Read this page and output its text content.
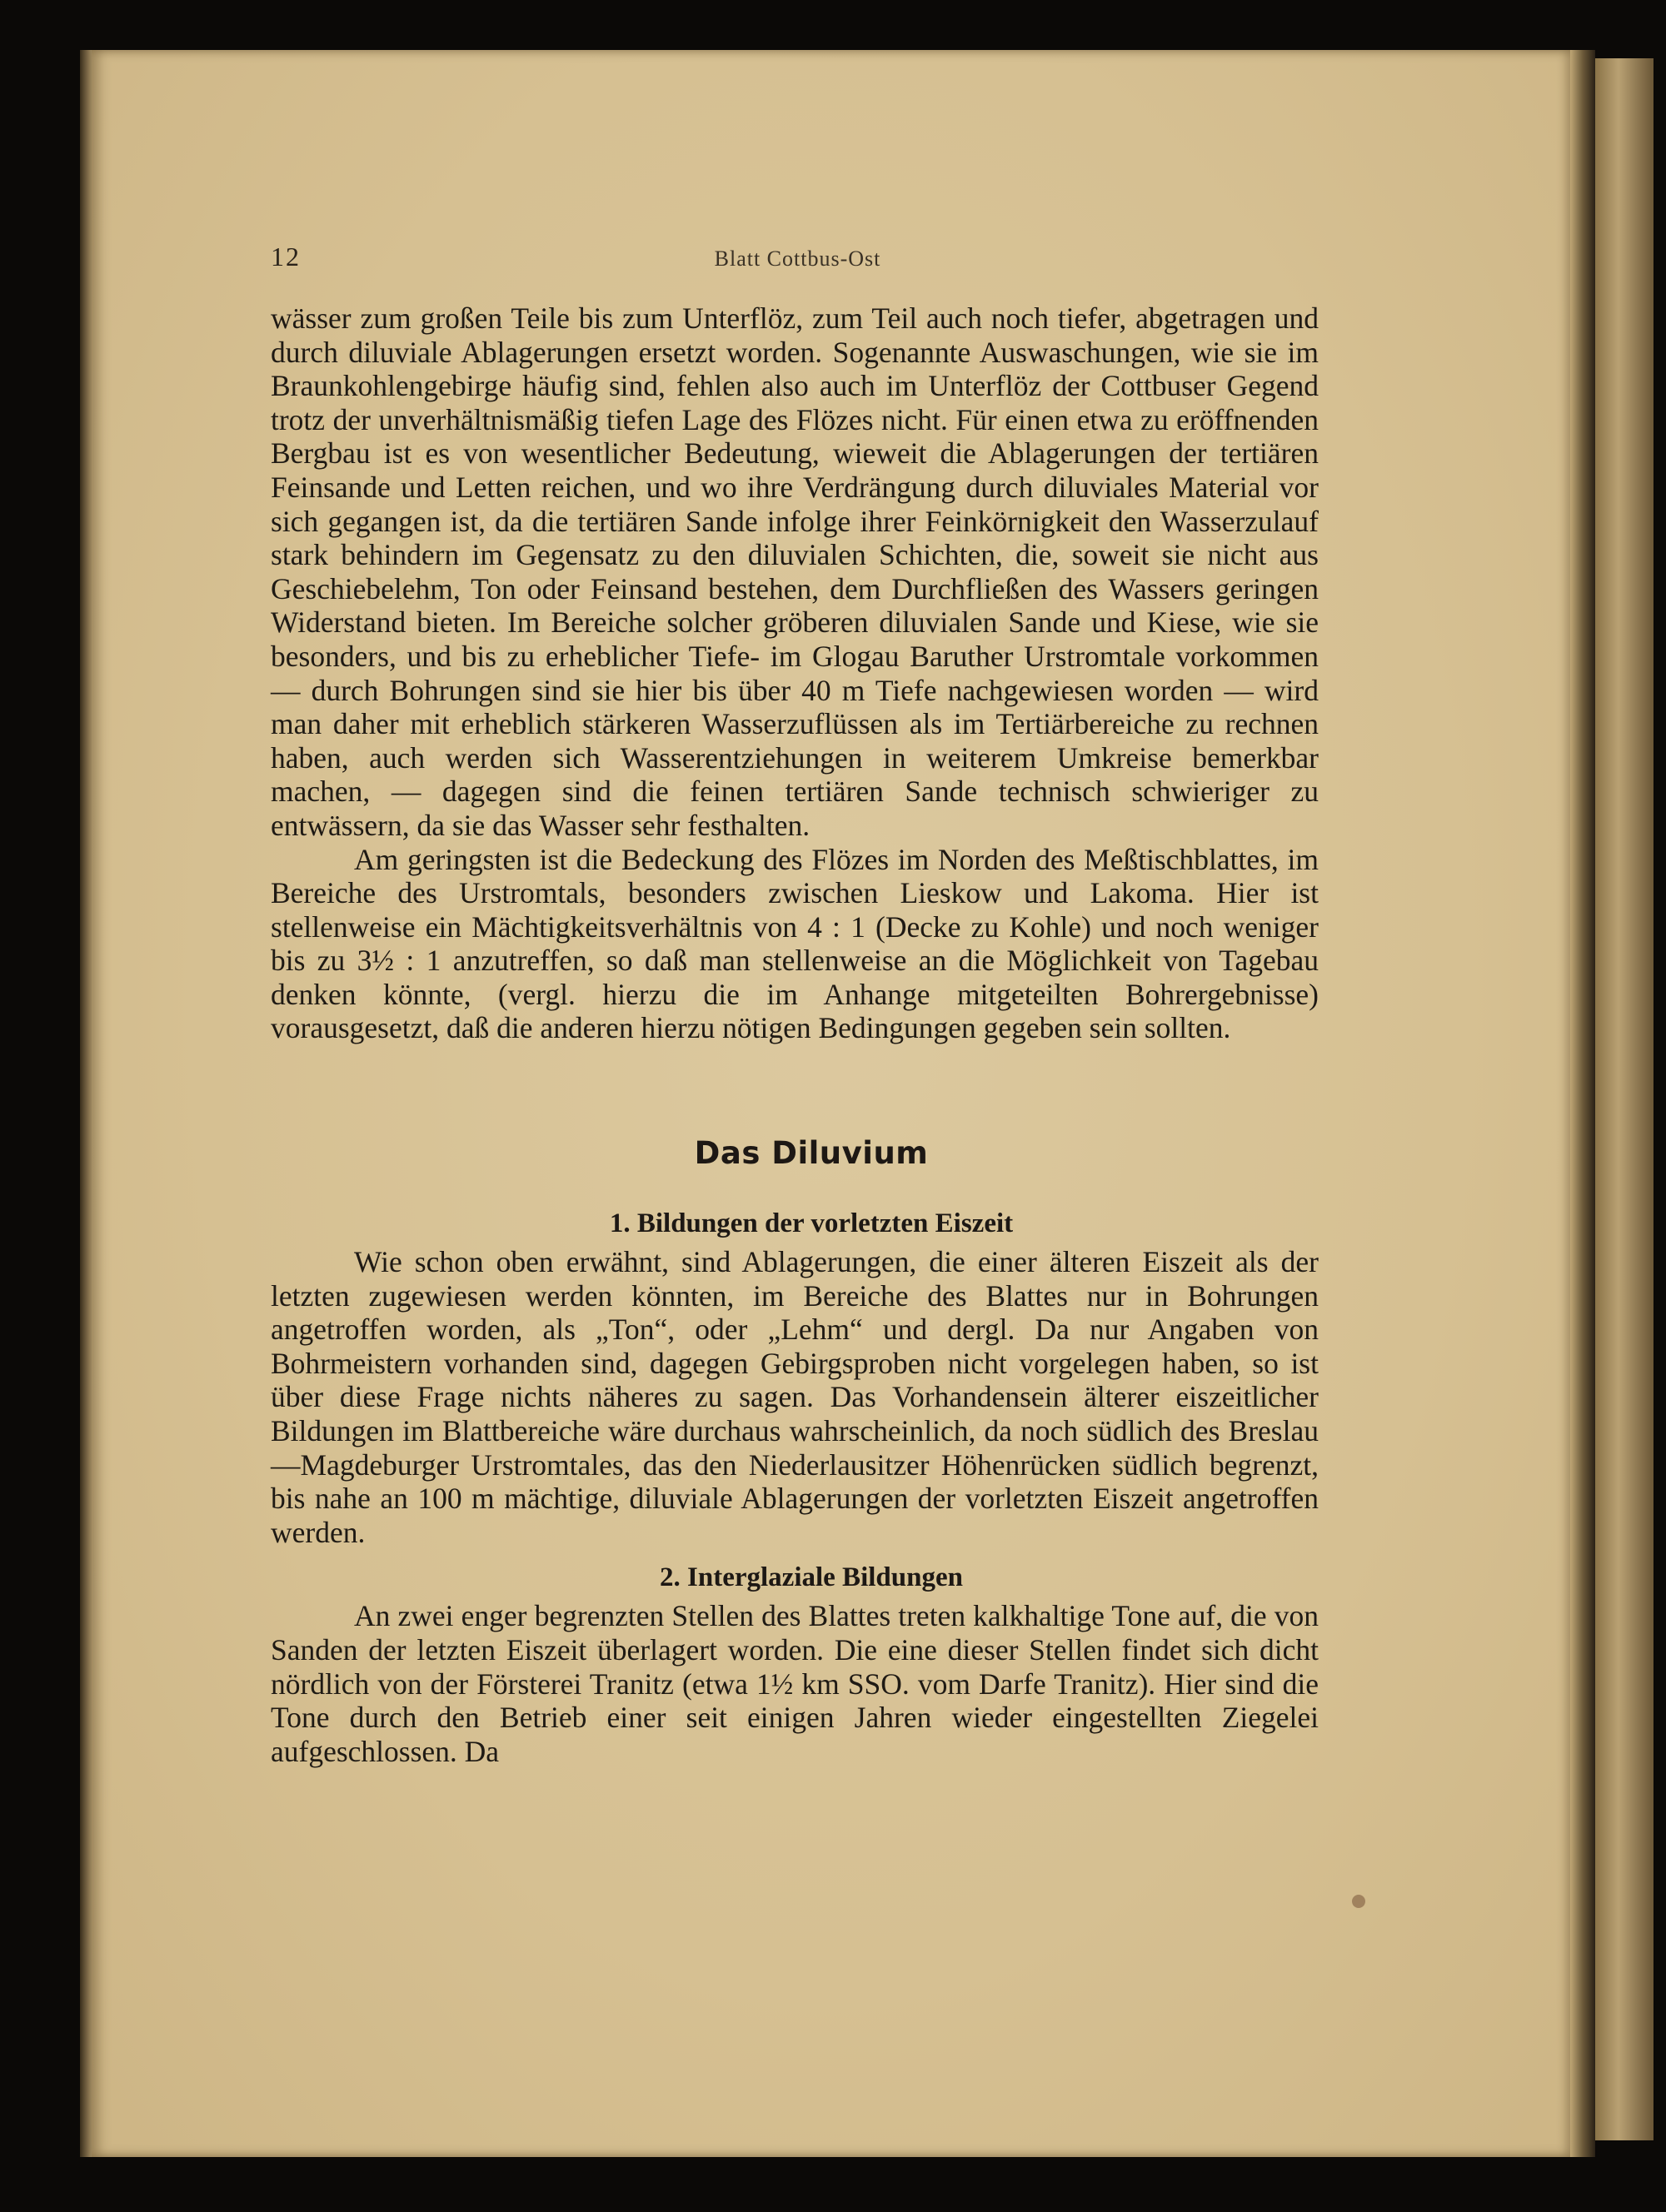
12	Blatt Cottbus-Ost

wässer zum großen Teile bis zum Unterflöz, zum Teil auch noch tiefer, abgetragen und durch diluviale Ablagerungen ersetzt worden. Sogenannte Auswaschungen, wie sie im Braunkohlengebirge häufig sind, fehlen also auch im Unterflöz der Cottbuser Gegend trotz der unverhältnismäßig tiefen Lage des Flözes nicht. Für einen etwa zu eröffnenden Bergbau ist es von wesentlicher Bedeutung, wieweit die Ablagerungen der tertiären Feinsande und Letten reichen, und wo ihre Verdrängung durch diluviales Material vor sich gegangen ist, da die tertiären Sande infolge ihrer Feinkörnigkeit den Wasserzulauf stark behindern im Gegensatz zu den diluvialen Schichten, die, soweit sie nicht aus Geschiebelehm, Ton oder Feinsand bestehen, dem Durchfließen des Wassers geringen Widerstand bieten. Im Bereiche solcher gröberen diluvialen Sande und Kiese, wie sie besonders, und bis zu erheblicher Tiefe- im Glogau Baruther Urstromtale vorkommen — durch Bohrungen sind sie hier bis über 40 m Tiefe nachgewiesen worden — wird man daher mit erheblich stärkeren Wasserzuflüssen als im Tertiärbereiche zu rechnen haben, auch werden sich Wasserentziehungen in weiterem Umkreise bemerkbar machen, — dagegen sind die feinen tertiären Sande technisch schwieriger zu entwässern, da sie das Wasser sehr festhalten.

Am geringsten ist die Bedeckung des Flözes im Norden des Meßtischblattes, im Bereiche des Urstromtals, besonders zwischen Lieskow und Lakoma. Hier ist stellenweise ein Mächtigkeitsverhältnis von 4 : 1 (Decke zu Kohle) und noch weniger bis zu 3½ : 1 anzutreffen, so daß man stellenweise an die Möglichkeit von Tagebau denken könnte, (vergl. hierzu die im Anhange mitgeteilten Bohrergebnisse) vorausgesetzt, daß die anderen hierzu nötigen Bedingungen gegeben sein sollten.

Das Diluvium
1. Bildungen der vorletzten Eiszeit

Wie schon oben erwähnt, sind Ablagerungen, die einer älteren Eiszeit als der letzten zugewiesen werden könnten, im Bereiche des Blattes nur in Bohrungen angetroffen worden, als „Ton“, oder „Lehm“ und dergl. Da nur Angaben von Bohrmeistern vorhanden sind, dagegen Gebirgsproben nicht vorgelegen haben, so ist über diese Frage nichts näheres zu sagen. Das Vorhandensein älterer eiszeitlicher Bildungen im Blattbereiche wäre durchaus wahrscheinlich, da noch südlich des Breslau—Magdeburger Urstromtales, das den Niederlausitzer Höhenrücken südlich begrenzt, bis nahe an 100 m mächtige, diluviale Ablagerungen der vorletzten Eiszeit angetroffen werden.

2. Interglaziale Bildungen

An zwei enger begrenzten Stellen des Blattes treten kalkhaltige Tone auf, die von Sanden der letzten Eiszeit überlagert worden. Die eine dieser Stellen findet sich dicht nördlich von der Försterei Tranitz (etwa 1½ km SSO. vom Darfe Tranitz). Hier sind die Tone durch den Betrieb einer seit einigen Jahren wieder eingestellten Ziegelei aufgeschlossen. Da
